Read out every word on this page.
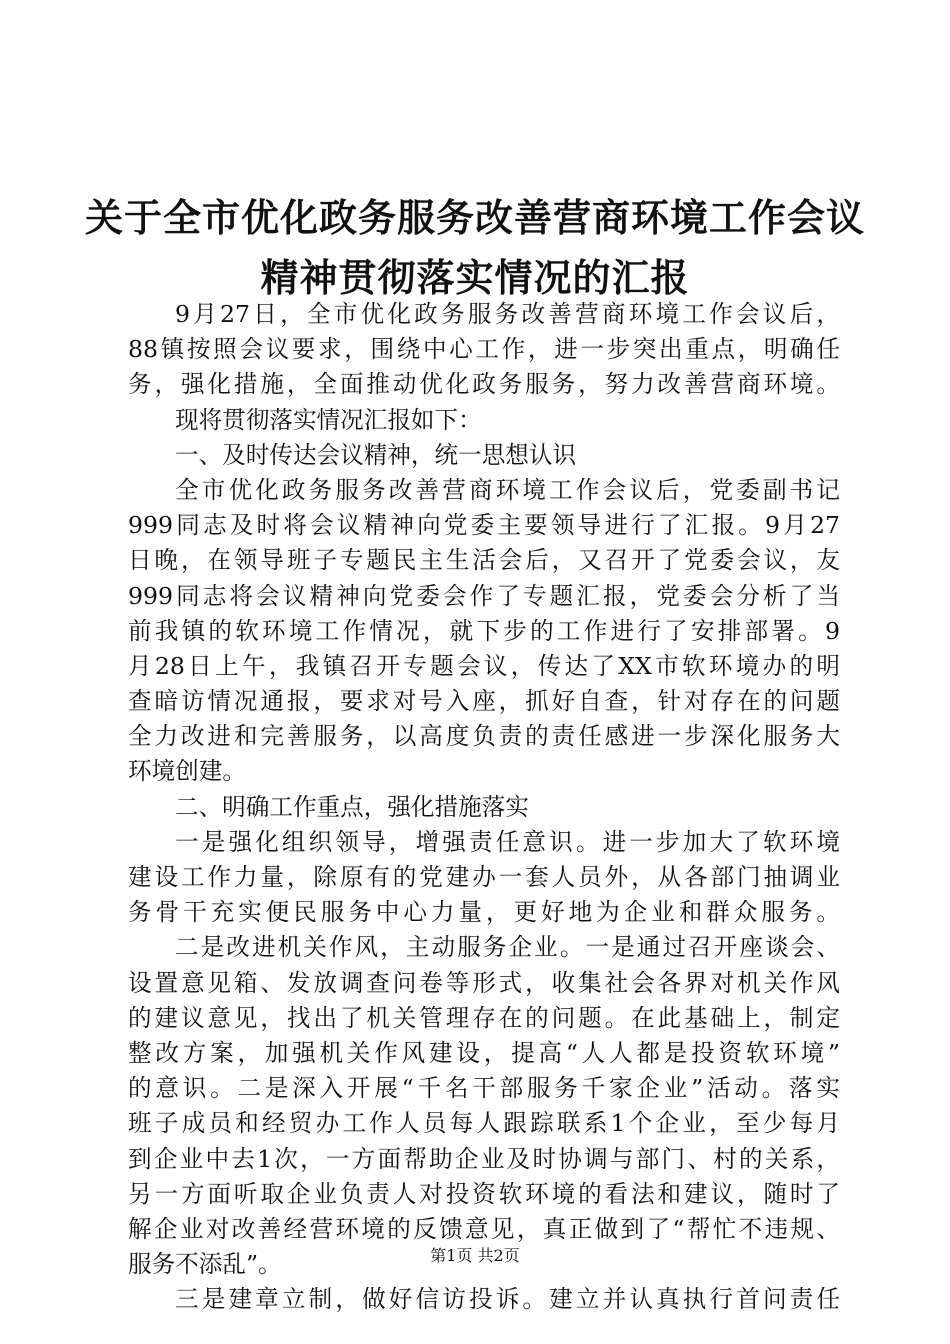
关于全市优化政务服务改善营商环境工作会议
精神贯彻落实情况的汇报
9月27日，全市优化政务服务改善营商环境工作会议后，
88镇按照会议要求，围绕中心工作，进一步突出重点，明确任
务，强化措施，全面推动优化政务服务，努力改善营商环境。
现将贯彻落实情况汇报如下：
一、及时传达会议精神，统一思想认识
全市优化政务服务改善营商环境工作会议后，党委副书记
999同志及时将会议精神向党委主要领导进行了汇报。9月27
日晚，在领导班子专题民主生活会后，又召开了党委会议，友
999同志将会议精神向党委会作了专题汇报，党委会分析了当
前我镇的软环境工作情况，就下步的工作进行了安排部署。9
月28日上午，我镇召开专题会议，传达了XX市软环境办的明
查暗访情况通报，要求对号入座，抓好自查，针对存在的问题
全力改进和完善服务，以高度负责的责任感进一步深化服务大
环境创建。
二、明确工作重点，强化措施落实
一是强化组织领导，增强责任意识。进一步加大了软环境
建设工作力量，除原有的党建办一套人员外，从各部门抽调业
务骨干充实便民服务中心力量，更好地为企业和群众服务。
二是改进机关作风，主动服务企业。一是通过召开座谈会、
设置意见箱、发放调查问卷等形式，收集社会各界对机关作风
的建议意见，找出了机关管理存在的问题。在此基础上，制定
整改方案，加强机关作风建设，提高“人人都是投资软环境”
的意识。二是深入开展“千名干部服务千家企业”活动。落实
班子成员和经贸办工作人员每人跟踪联系1个企业，至少每月
到企业中去1次，一方面帮助企业及时协调与部门、村的关系，
另一方面听取企业负责人对投资软环境的看法和建议，随时了
解企业对改善经营环境的反馈意见，真正做到了“帮忙不违规、
服务不添乱”。
三是建章立制，做好信访投诉。建立并认真执行首问责任
第1页 共2页
